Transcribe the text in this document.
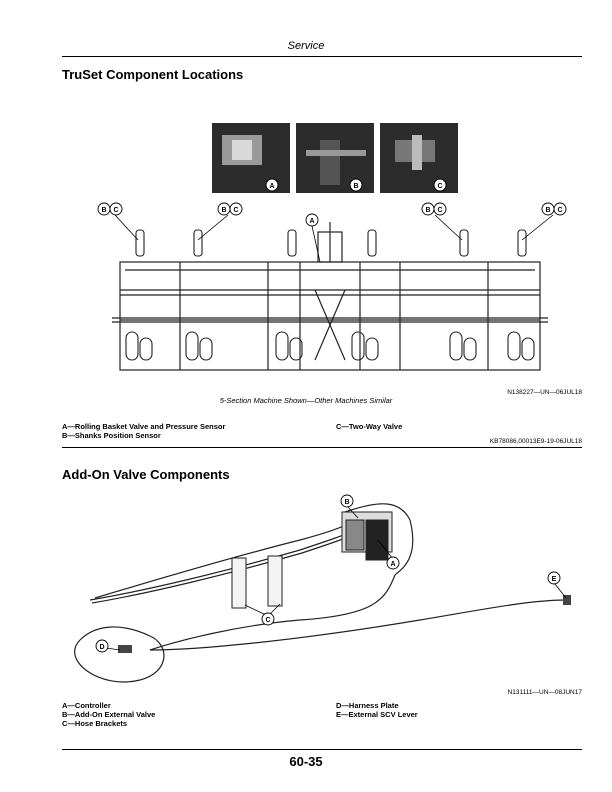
Service
TruSet Component Locations
A	B	C
B C	B C	B C	B C
A
N138227—UN—06JUL18
5-Section Machine Shown—Other Machines Similar
A—Rolling Basket Valve and Pressure Sensor
B—Shanks Position Sensor
C—Two-Way Valve
KB78086,00013E9-19-06JUL18
Add-On Valve Components
B
A
C
E
D
N131111—UN—08JUN17
A—Controller
B—Add-On External Valve
C—Hose Brackets
D—Harness Plate
E—External SCV Lever
60-35
